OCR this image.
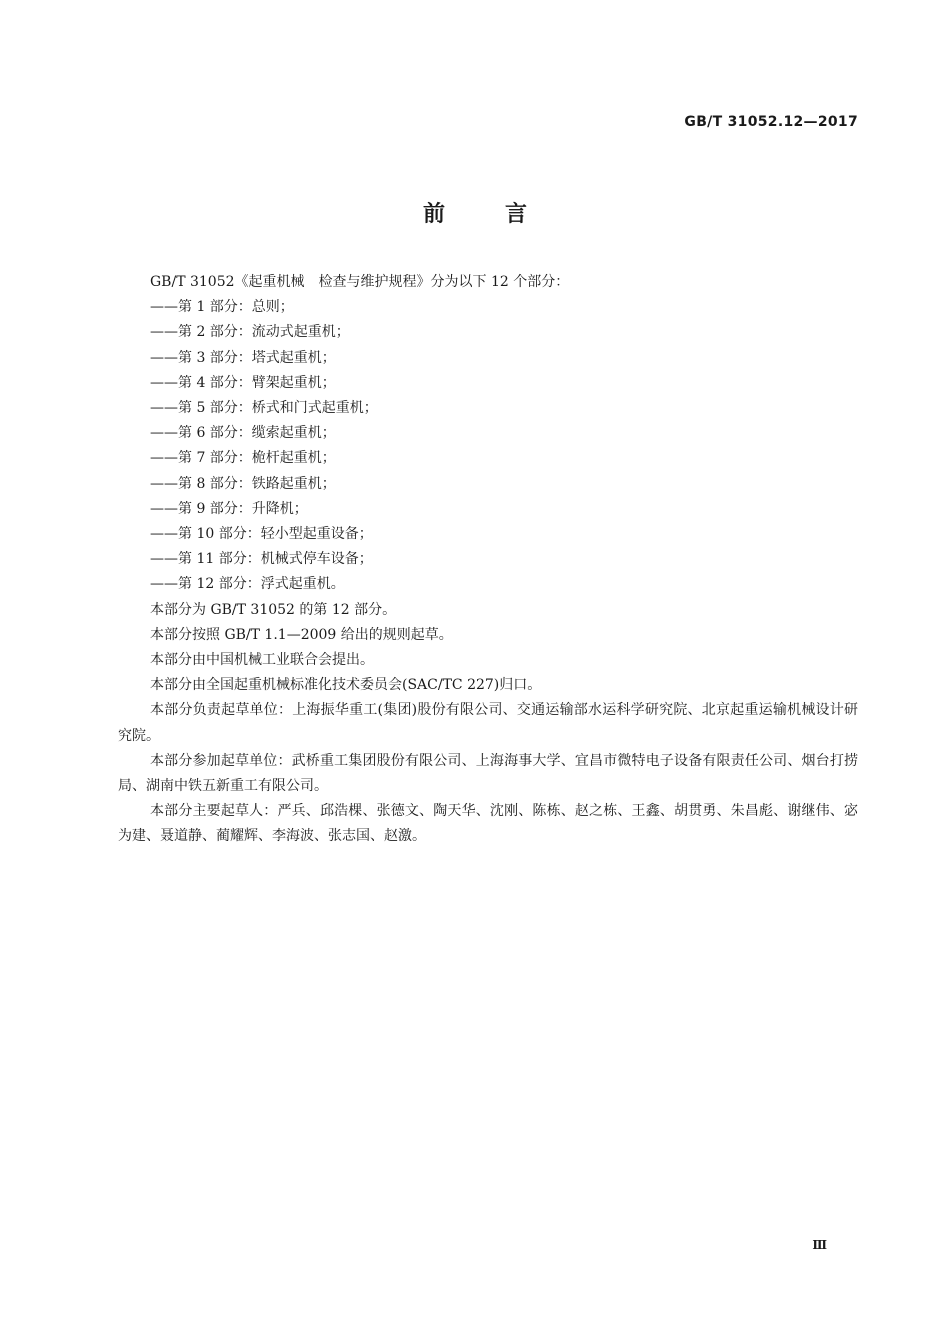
GB/T 31052.12—2017
前言

GB/T 31052《起重机械　检查与维护规程》分为以下 12 个部分：

——第 1 部分：总则；
——第 2 部分：流动式起重机；
——第 3 部分：塔式起重机；
——第 4 部分：臂架起重机；
——第 5 部分：桥式和门式起重机；
——第 6 部分：缆索起重机；
——第 7 部分：桅杆起重机；
——第 8 部分：铁路起重机；
——第 9 部分：升降机；
——第 10 部分：轻小型起重设备；
——第 11 部分：机械式停车设备；
——第 12 部分：浮式起重机。

本部分为 GB/T 31052 的第 12 部分。

本部分按照 GB/T 1.1—2009 给出的规则起草。

本部分由中国机械工业联合会提出。

本部分由全国起重机械标准化技术委员会(SAC/TC 227)归口。

本部分负责起草单位：上海振华重工(集团)股份有限公司、交通运输部水运科学研究院、北京起重运输机械设计研究院。

本部分参加起草单位：武桥重工集团股份有限公司、上海海事大学、宜昌市微特电子设备有限责任公司、烟台打捞局、湖南中铁五新重工有限公司。

本部分主要起草人：严兵、邱浩棵、张德文、陶天华、沈刚、陈栋、赵之栋、王鑫、胡贯勇、朱昌彪、谢继伟、宓为建、聂道静、蔺耀辉、李海波、张志国、赵激。

Ⅲ
